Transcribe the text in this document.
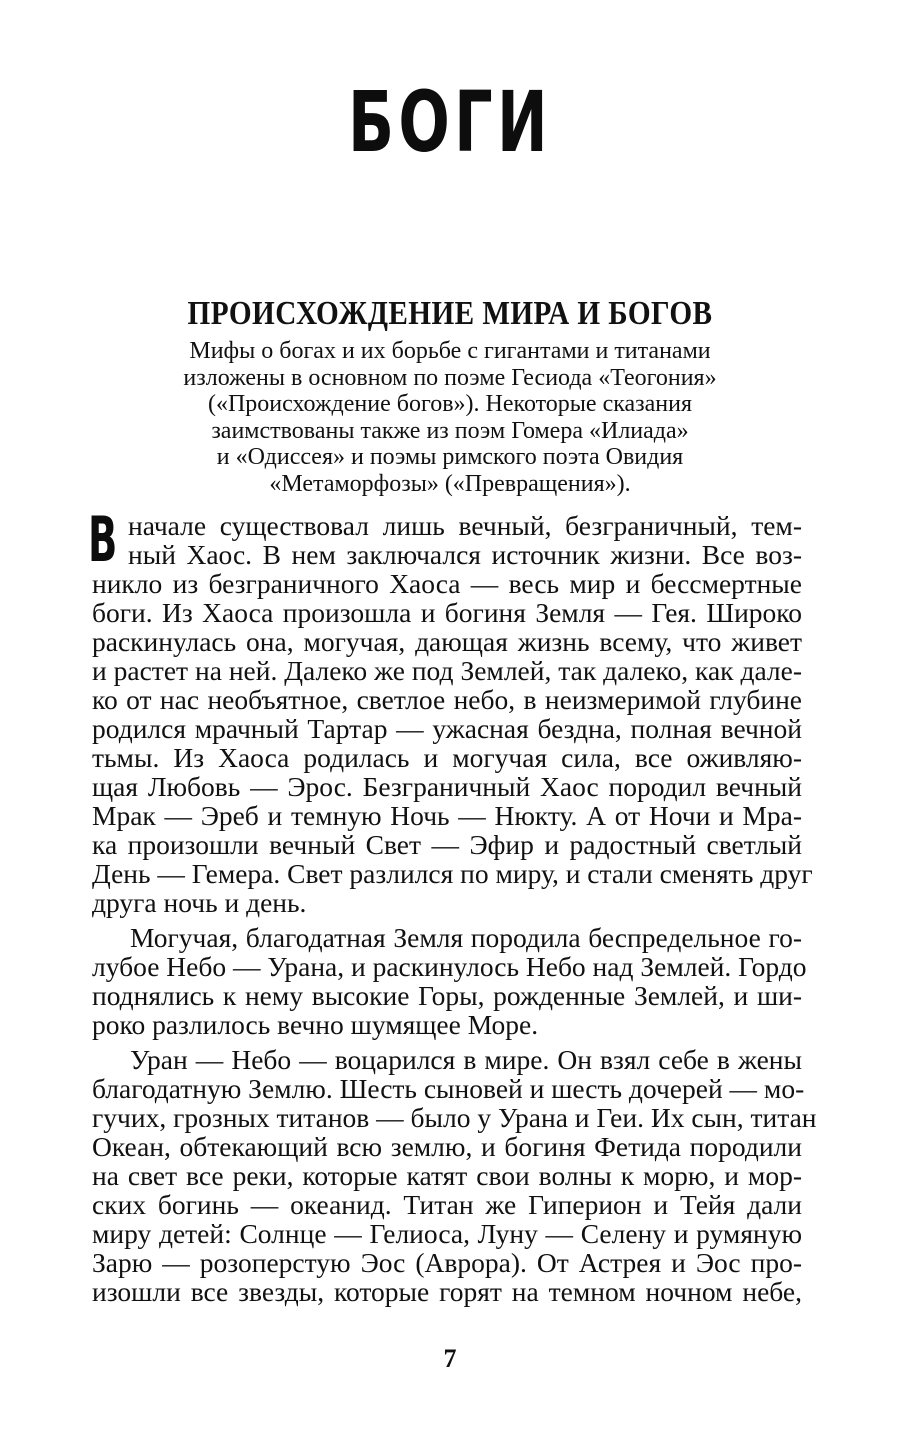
БОГИ
ПРОИСХОЖДЕНИЕ МИРА И БОГОВ
Мифы о богах и их борьбе с гигантами и титанами
изложены в основном по поэме Гесиода «Теогония»
(«Происхождение богов»). Некоторые сказания
заимствованы также из поэм Гомера «Илиада»
и «Одиссея» и поэмы римского поэта Овидия
«Метаморфозы» («Превращения»).
В начале существовал лишь вечный, безграничный, тем-
ный Хаос. В нем заключался источник жизни. Все воз-
никло из безграничного Хаоса — весь мир и бессмертные
боги. Из Хаоса произошла и богиня Земля — Гея. Широко
раскинулась она, могучая, дающая жизнь всему, что живет
и растет на ней. Далеко же под Землей, так далеко, как дале-
ко от нас необъятное, светлое небо, в неизмеримой глубине
родился мрачный Тартар — ужасная бездна, полная вечной
тьмы. Из Хаоса родилась и могучая сила, все оживляю-
щая Любовь — Эрос. Безграничный Хаос породил вечный
Мрак — Эреб и темную Ночь — Нюкту. А от Ночи и Мра-
ка произошли вечный Свет — Эфир и радостный светлый
День — Гемера. Свет разлился по миру, и стали сменять друг
друга ночь и день.
Могучая, благодатная Земля породила беспредельное го-
лубое Небо — Урана, и раскинулось Небо над Землей. Гордо
поднялись к нему высокие Горы, рожденные Землей, и ши-
роко разлилось вечно шумящее Море.
Уран — Небо — воцарился в мире. Он взял себе в жены
благодатную Землю. Шесть сыновей и шесть дочерей — мо-
гучих, грозных титанов — было у Урана и Геи. Их сын, титан
Океан, обтекающий всю землю, и богиня Фетида породили
на свет все реки, которые катят свои волны к морю, и мор-
ских богинь — океанид. Титан же Гиперион и Тейя дали
миру детей: Солнце — Гелиоса, Луну — Селену и румяную
Зарю — розоперстую Эос (Аврора). От Астрея и Эос про-
изошли все звезды, которые горят на темном ночном небе,
7
